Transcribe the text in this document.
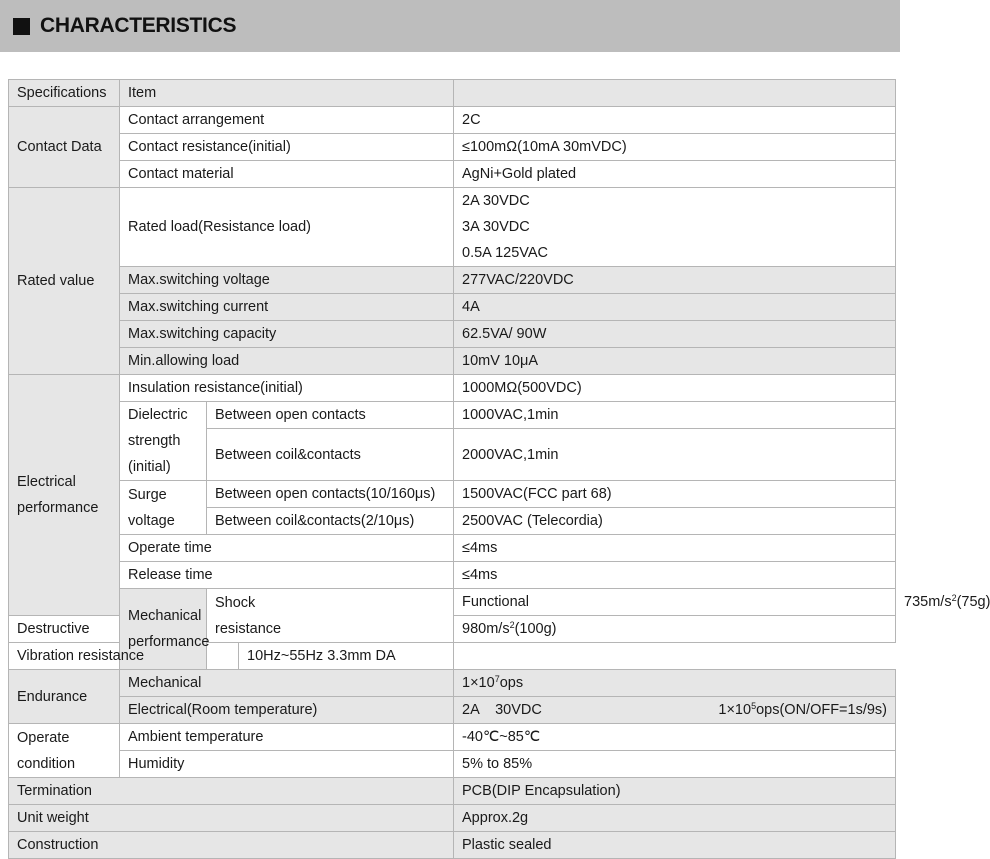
CHARACTERISTICS
Specifications	Item				
Contact Data	Contact arrangement			2C	
	Contact resistance(initial)			≤100mΩ(10mA 30mVDC)	
	Contact material			AgNi+Gold plated	
Rated value	Rated load(Resistance load)			2A 30VDC
3A 30VDC
0.5A 125VAC	

	Max.switching voltage			277VAC/220VDC	
	Max.switching current			4A	
	Max.switching capacity			62.5VA/ 90W	
	Min.allowing load			10mV 10μA	

Electrical
performance	Insulation resistance(initial)			1000MΩ(500VDC)	

	Dielectric
strength
(initial)	Between open contacts		1000VAC,1min	
		Between coil&contacts		2000VAC,1min	

	Surge
voltage	Between open contacts(10/160μs)		1500VAC(FCC part 68)	
		Between coil&contacts(2/10μs)		2500VAC (Telecordia)	
	Operate time			≤4ms	
	Release time			≤4ms	

	Mechanical
performance	Shock
resistance		Functional	$735m/s^2(75g)$
Destructive				$980m/s^2(100g)$	
Vibration resistance			10Hz~55Hz 3.3mm DA		
Endurance	Mechanical			$1\times 10^7ops$	
	Electrical(Room temperature)			2A    30VDC $1\times 10^5ops(ON/OFF=1s/9s)$	

Operate
condition	Ambient temperature			-40℃~85℃	
	Humidity			5% to 85%	
Termination				PCB(DIP Encapsulation)	
Unit weight				Approx.2g	
Construction				Plastic sealed	
